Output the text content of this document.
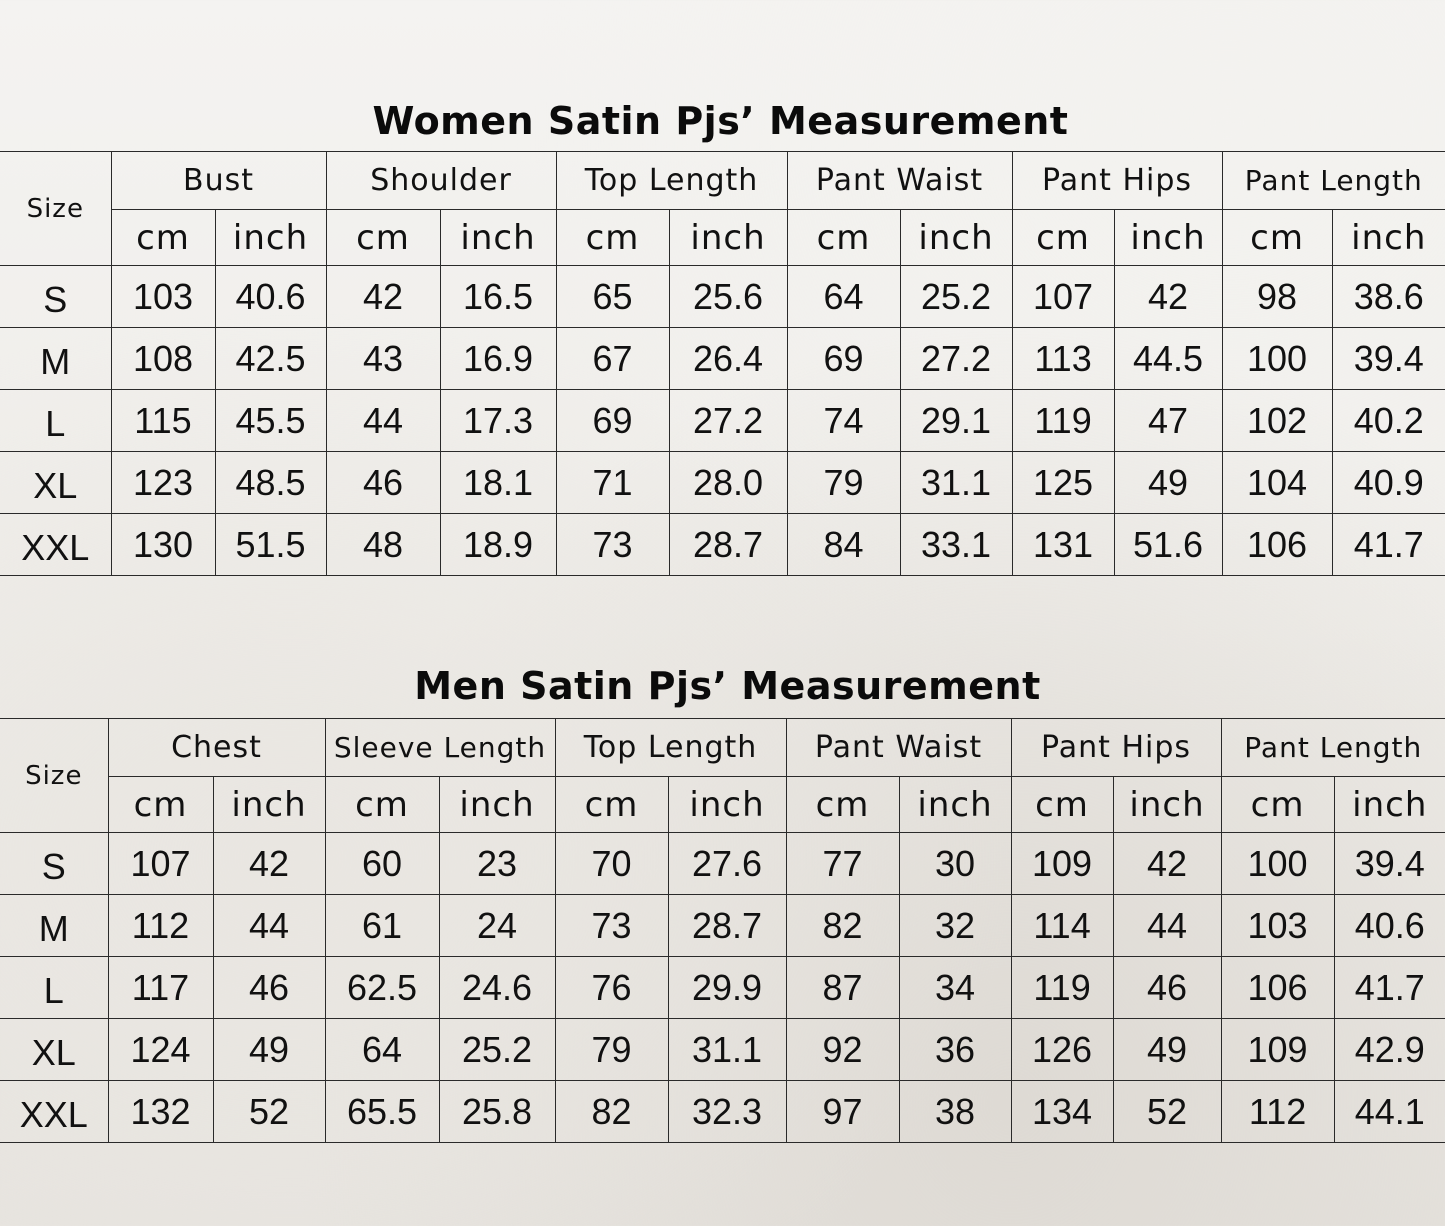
Women Satin Pjs’ Measurement
Size	Bust		Shoulder		Top Length		Pant Waist		Pant Hips		Pant Length	
	cm	inch	cm	inch	cm	inch	cm	inch	cm	inch	cm	inch
S	103	40.6	42	16.5	65	25.6	64	25.2	107	42	98	38.6
M	108	42.5	43	16.9	67	26.4	69	27.2	113	44.5	100	39.4
L	115	45.5	44	17.3	69	27.2	74	29.1	119	47	102	40.2
XL	123	48.5	46	18.1	71	28.0	79	31.1	125	49	104	40.9
XXL	130	51.5	48	18.9	73	28.7	84	33.1	131	51.6	106	41.7
Men Satin Pjs’ Measurement
Size	Chest		Sleeve Length		Top Length		Pant Waist		Pant Hips		Pant Length	
	cm	inch	cm	inch	cm	inch	cm	inch	cm	inch	cm	inch
S	107	42	60	23	70	27.6	77	30	109	42	100	39.4
M	112	44	61	24	73	28.7	82	32	114	44	103	40.6
L	117	46	62.5	24.6	76	29.9	87	34	119	46	106	41.7
XL	124	49	64	25.2	79	31.1	92	36	126	49	109	42.9
XXL	132	52	65.5	25.8	82	32.3	97	38	134	52	112	44.1
